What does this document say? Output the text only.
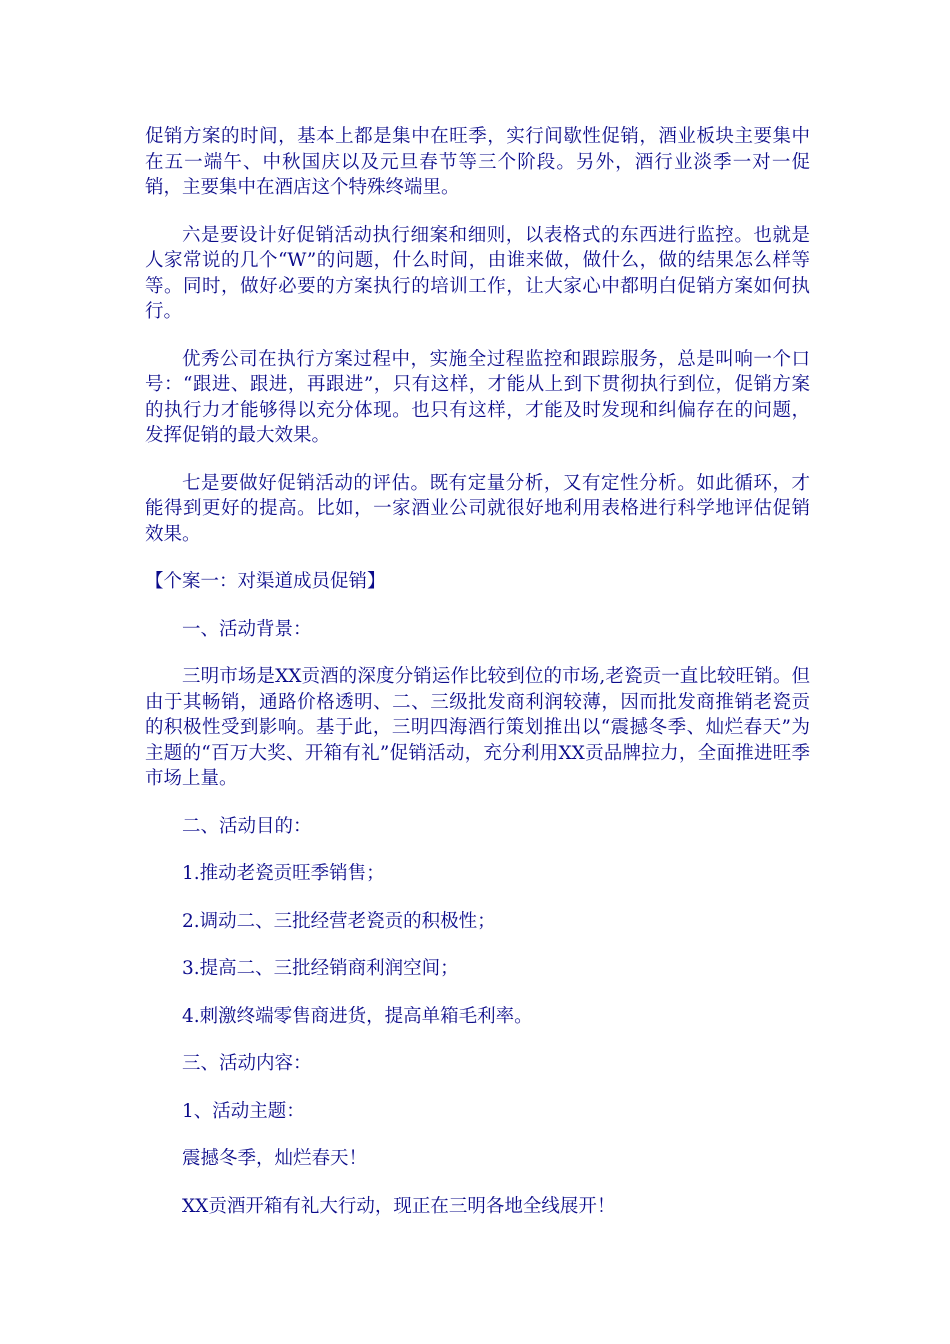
促销方案的时间，基本上都是集中在旺季，实行间歇性促销，酒业板块主要集中在五一端午、中秋国庆以及元旦春节等三个阶段。另外，酒行业淡季一对一促销，主要集中在酒店这个特殊终端里。

六是要设计好促销活动执行细案和细则，以表格式的东西进行监控。也就是人家常说的几个“W”的问题，什么时间，由谁来做，做什么，做的结果怎么样等等。同时，做好必要的方案执行的培训工作，让大家心中都明白促销方案如何执行。

优秀公司在执行方案过程中，实施全过程监控和跟踪服务，总是叫响一个口号：“跟进、跟进，再跟进”，只有这样，才能从上到下贯彻执行到位，促销方案的执行力才能够得以充分体现。也只有这样，才能及时发现和纠偏存在的问题，发挥促销的最大效果。

七是要做好促销活动的评估。既有定量分析，又有定性分析。如此循环，才能得到更好的提高。比如，一家酒业公司就很好地利用表格进行科学地评估促销效果。

【个案一：对渠道成员促销】

一、活动背景：

三明市场是XX贡酒的深度分销运作比较到位的市场,老瓷贡一直比较旺销。但由于其畅销，通路价格透明、二、三级批发商利润较薄，因而批发商推销老瓷贡的积极性受到影响。基于此，三明四海酒行策划推出以“震撼冬季、灿烂春天”为主题的“百万大奖、开箱有礼”促销活动，充分利用XX贡品牌拉力，全面推进旺季市场上量。

二、活动目的：

1.推动老瓷贡旺季销售；

2.调动二、三批经营老瓷贡的积极性；

3.提高二、三批经销商利润空间；

4.刺激终端零售商进货，提高单箱毛利率。

三、活动内容：

1、活动主题：

震撼冬季，灿烂春天！

XX贡酒开箱有礼大行动，现正在三明各地全线展开！
